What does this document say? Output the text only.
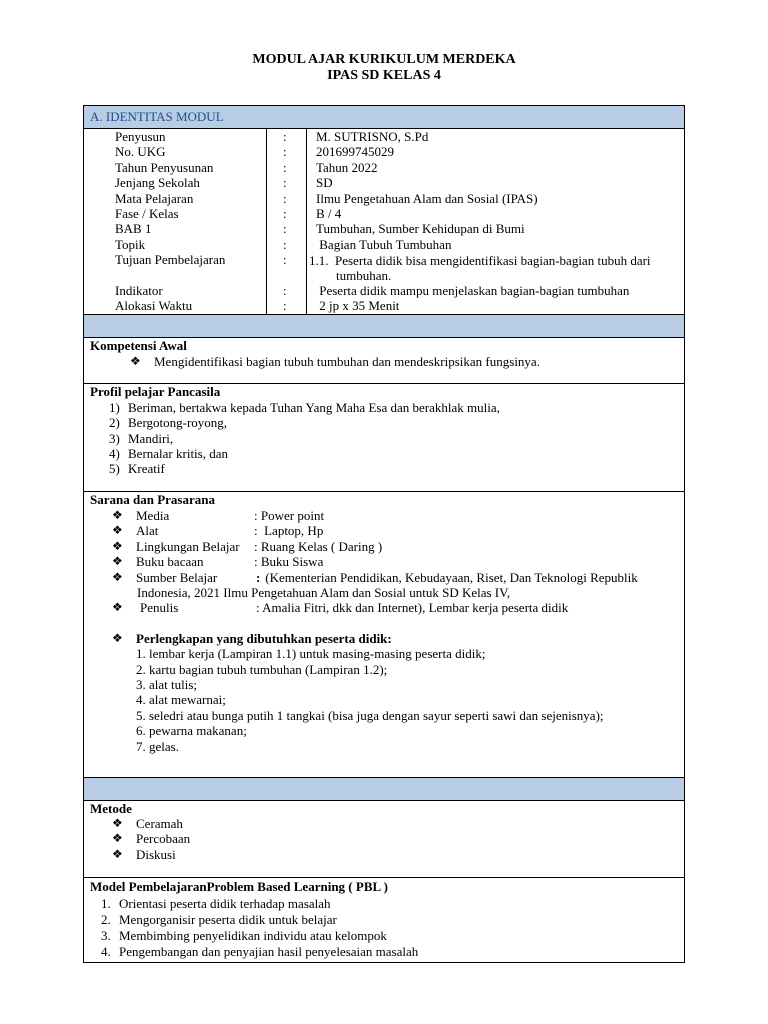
MODUL AJAR KURIKULUM MERDEKA
IPAS SD KELAS 4
A. IDENTITAS MODUL
Penyusun	: M. SUTRISNO, S.Pd
No. UKG	: 201699745029
Tahun Penyusunan	: Tahun 2022
Jenjang Sekolah	: SD
Mata Pelajaran	: Ilmu Pengetahuan Alam dan Sosial (IPAS)
Fase / Kelas	: B / 4
BAB 1	: Tumbuhan, Sumber Kehidupan di Bumi
Topik	: Bagian Tubuh Tumbuhan
Tujuan Pembelajaran	: 1.1.  Peserta didik bisa mengidentifikasi bagian-bagian tubuh dari
tumbuhan.
Indikator	: Peserta didik mampu menjelaskan bagian-bagian tumbuhan
Alokasi Waktu	: 2 jp x 35 Menit
Kompetensi Awal
❖ Mengidentifikasi bagian tubuh tumbuhan dan mendeskripsikan fungsinya.
Profil pelajar Pancasila
1) Beriman, bertakwa kepada Tuhan Yang Maha Esa dan berakhlak mulia,
2) Bergotong-royong,
3) Mandiri,
4) Bernalar kritis, dan
5) Kreatif
Sarana dan Prasarana
❖ Media	: Power point
❖ Alat	:  Laptop, Hp
❖ Lingkungan Belajar : Ruang Kelas ( Daring )
❖ Buku bacaan	: Buku Siswa
❖ Sumber Belajar	: (Kementerian Pendidikan, Kebudayaan, Riset, Dan Teknologi Republik
Indonesia, 2021 Ilmu Pengetahuan Alam dan Sosial untuk SD Kelas IV,
❖ Penulis	: Amalia Fitri, dkk dan Internet), Lembar kerja peserta didik
❖ Perlengkapan yang dibutuhkan peserta didik:
1. lembar kerja (Lampiran 1.1) untuk masing-masing peserta didik;
2. kartu bagian tubuh tumbuhan (Lampiran 1.2);
3. alat tulis;
4. alat mewarnai;
5. seledri atau bunga putih 1 tangkai (bisa juga dengan sayur seperti sawi dan sejenisnya);
6. pewarna makanan;
7. gelas.
Metode
❖ Ceramah
❖ Percobaan
❖ Diskusi
Model PembelajaranProblem Based Learning ( PBL )
1. Orientasi peserta didik terhadap masalah
2. Mengorganisir peserta didik untuk belajar
3. Membimbing penyelidikan individu atau kelompok
4. Pengembangan dan penyajian hasil penyelesaian masalah
